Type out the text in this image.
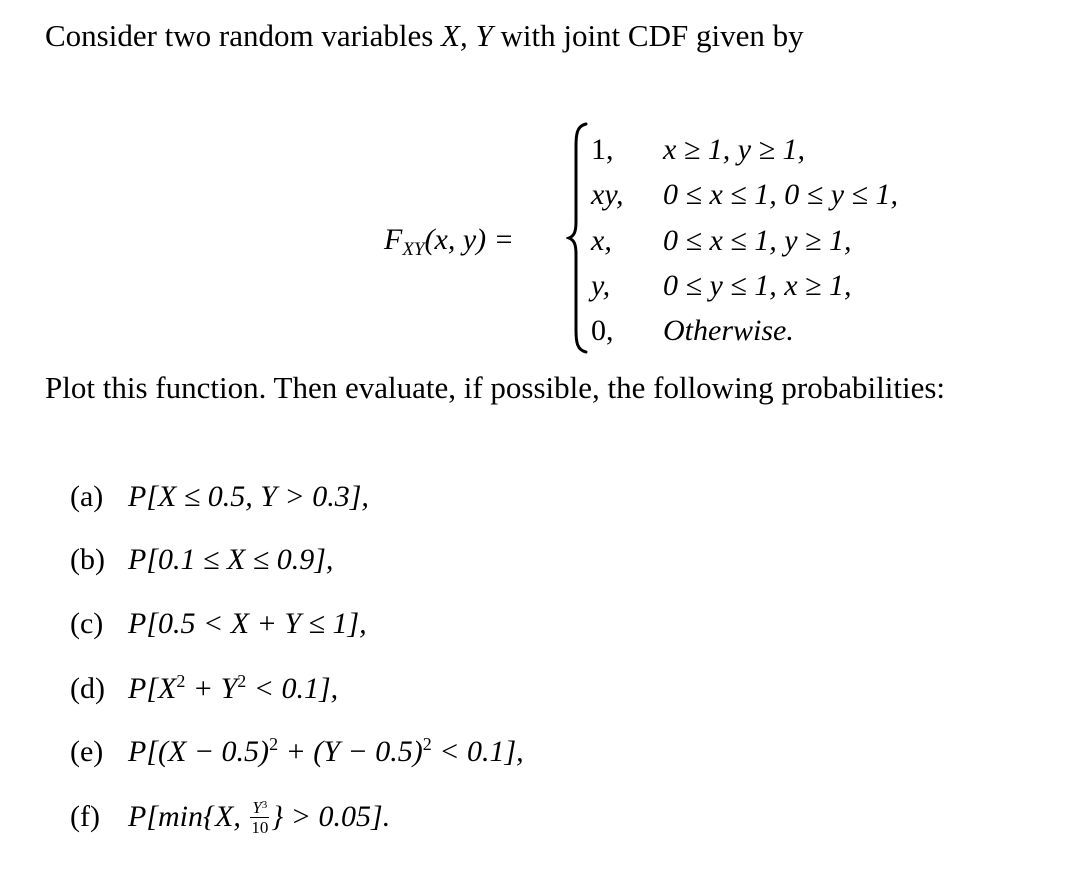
Consider two random variables X, Y with joint CDF given by
$F_{XY}(x$, y) =
1,
xy,
x,
y,
0,
x ≥ 1, y ≥ 1,
0 ≤ x ≤ 1, 0 ≤ y ≤ 1,
0 ≤ x ≤ 1, y ≥ 1,
0 ≤ y ≤ 1, x ≥ 1,
Otherwise.
Plot this function. Then evaluate, if possible, the following probabilities:
(a) P[X ≤ 0.5, Y > 0.3],
(b) P[0.1 ≤ X ≤ 0.9],
(c) P[0.5 < X + Y ≤ 1],
(d) $P[X^2 + Y^2 < 0.1]$,
(e) $P[(X - 0.5)^2 + (Y - 0.5)^2 < 0.1]$,
(f) P[min{X, $\frac{Y^3}{10}$ } > 0.05].
